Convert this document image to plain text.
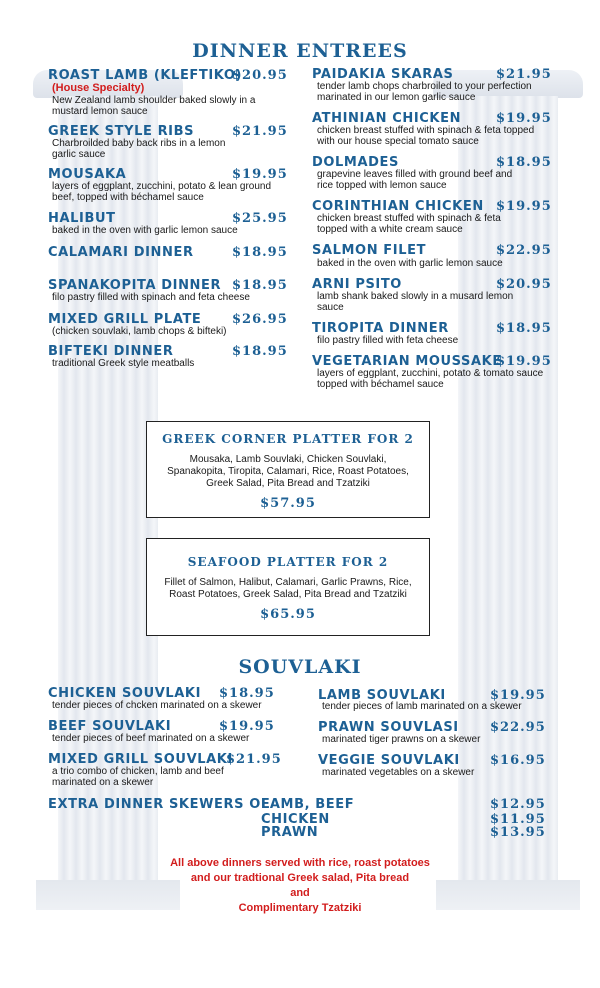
DINNER ENTREES
ROAST LAMB (KLEFTIKO)
$20.95
(House Specialty)
New Zealand lamb shoulder baked slowly in a mustard lemon sauce
GREEK STYLE RIBS	$21.95
Charbroilded baby back ribs in a lemon garlic sauce
MOUSAKA	$19.95
layers of eggplant, zucchini, potato & lean ground beef, topped with béchamel sauce
HALIBUT	$25.95
baked in the oven with garlic lemon sauce
CALAMARI DINNER	$18.95
SPANAKOPITA DINNER $18.95
filo pastry filled with spinach and feta cheese
MIXED GRILL PLATE $26.95
(chicken souvlaki, lamb chops & bifteki)
BIFTEKI DINNER	$18.95
traditional Greek style meatballs
PAIDAKIA SKARAS	$21.95
tender lamb chops charbroiled to your perfection marinated in our lemon garlic sauce
ATHINIAN CHICKEN	$19.95
chicken breast stuffed with spinach & feta topped with our house special tomato sauce
DOLMADES	$18.95
grapevine leaves filled with ground beef and rice topped with lemon sauce
CORINTHIAN CHICKEN $19.95
chicken breast stuffed with spinach & feta topped with a white cream sauce
SALMON FILET	$22.95
baked in the oven with garlic lemon sauce
ARNI PSITO	$20.95
lamb shank baked slowly in a musard lemon sauce
TIROPITA DINNER	$18.95
filo pastry filled with feta cheese
VEGETARIAN MOUSSAKE
$19.95
layers of eggplant, zucchini, potato & tomato sauce topped with béchamel sauce
GREEK CORNER PLATTER FOR 2
Mousaka, Lamb Souvlaki, Chicken Souvlaki, Spanakopita, Tiropita, Calamari, Rice, Roast Potatoes, Greek Salad, Pita Bread and Tzatziki
$57.95
SEAFOOD PLATTER FOR 2
Fillet of Salmon, Halibut, Calamari, Garlic Prawns, Rice, Roast Potatoes, Greek Salad, Pita Bread and Tzatziki
$65.95
SOUVLAKI
CHICKEN SOUVLAKI $18.95
tender pieces of chcken marinated on a skewer
BEEF SOUVLAKI	$19.95
tender pieces of beef marinated on a skewer
MIXED GRILL SOUVLAKI
$21.95
a trio combo of chicken, lamb and beef marinated on a skewer
LAMB SOUVLAKI	$19.95
tender pieces of lamb marinated on a skewer
PRAWN SOUVLASI $22.95
marinated tiger prawns on a skewer
VEGGIE SOUVLAKI $16.95
marinated vegetables on a skewer
EXTRA DINNER SKEWERS OF
LAMB, BEEF	$12.95
CHICKEN	$11.95
PRAWN	$13.95
All above dinners served with rice, roast potatoes
and our tradtional Greek salad, Pita bread
and
Complimentary Tzatziki
